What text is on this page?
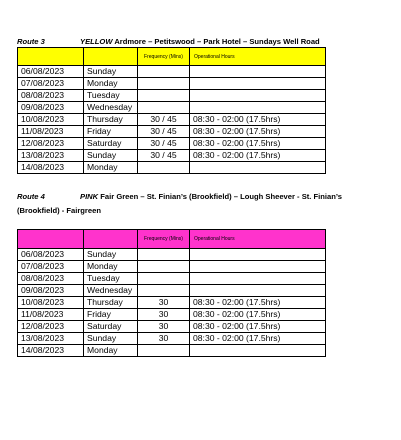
Route 3	YELLOW Ardmore – Petitswood – Park Hotel – Sundays Well Road
		Frequency (Mins)	Operational Hours
06/08/2023	Sunday		
07/08/2023	Monday		
08/08/2023	Tuesday		
09/08/2023	Wednesday		
10/08/2023	Thursday	30 / 45	08:30 - 02:00 (17.5hrs)
11/08/2023	Friday	30 / 45	08:30 - 02:00 (17.5hrs)
12/08/2023	Saturday	30 / 45	08:30 - 02:00 (17.5hrs)
13/08/2023	Sunday	30 / 45	08:30 - 02:00 (17.5hrs)
14/08/2023	Monday		
Route 4	PINK Fair Green – St. Finian’s (Brookfield) – Lough Sheever - St. Finian’s
(Brookfield) - Fairgreen
		Frequency (Mins)	Operational Hours
06/08/2023	Sunday		
07/08/2023	Monday		
08/08/2023	Tuesday		
09/08/2023	Wednesday		
10/08/2023	Thursday	30	08:30 - 02:00 (17.5hrs)
11/08/2023	Friday	30	08:30 - 02:00 (17.5hrs)
12/08/2023	Saturday	30	08:30 - 02:00 (17.5hrs)
13/08/2023	Sunday	30	08:30 - 02:00 (17.5hrs)
14/08/2023	Monday		
